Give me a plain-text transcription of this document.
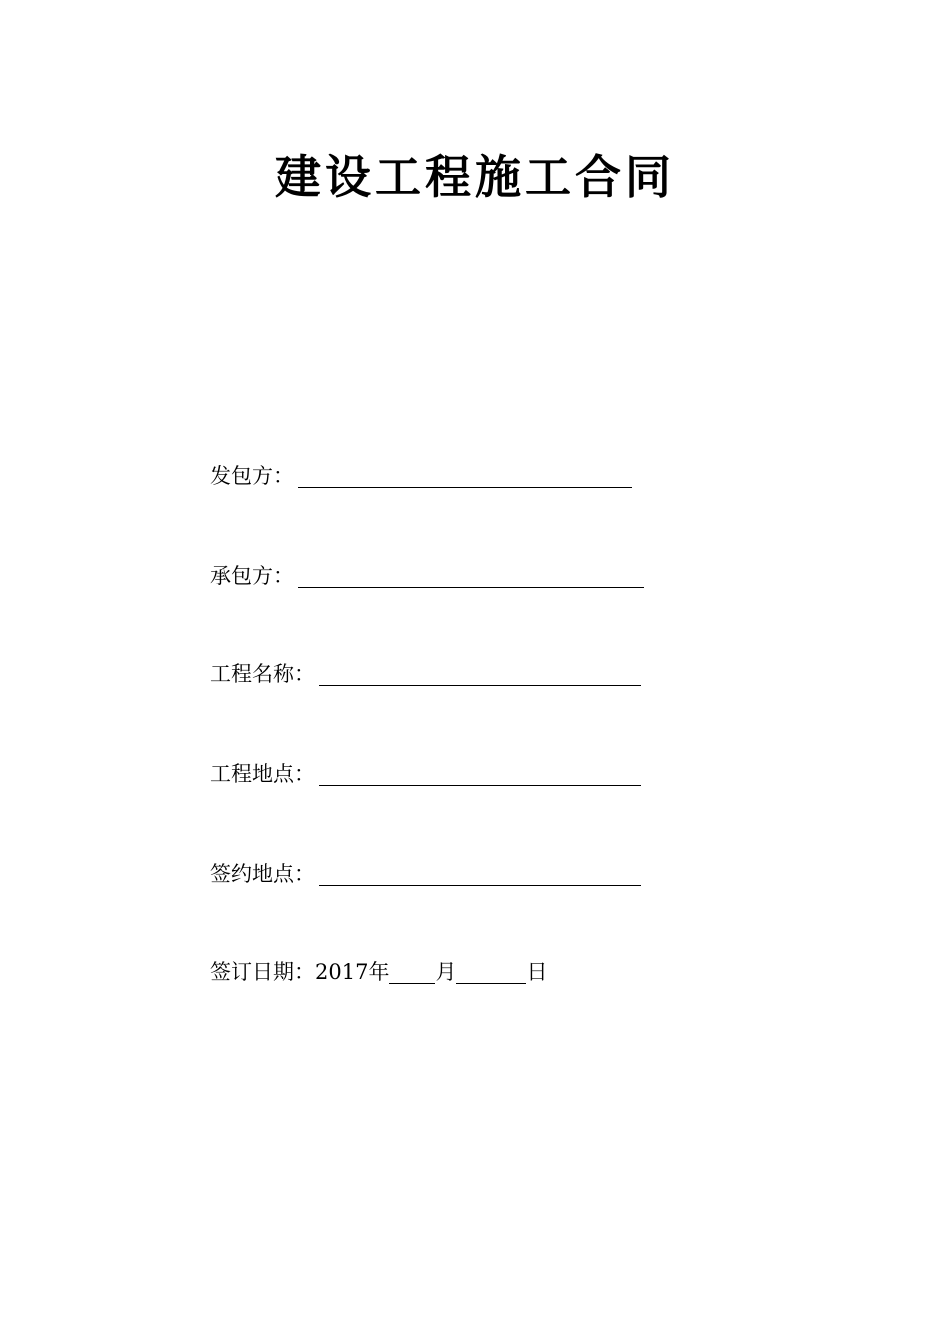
建设工程施工合同
发包方：
承包方：
工程名称：
工程地点：
签约地点：
签订日期： 2017 年 月	日
